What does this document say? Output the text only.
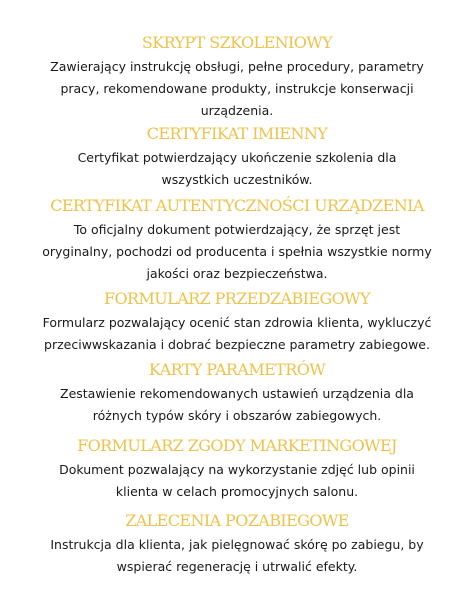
SKRYPT SZKOLENIOWY
Zawierający instrukcję obsługi, pełne procedury, parametry pracy, rekomendowane produkty, instrukcje konserwacji urządzenia.
CERTYFIKAT IMIENNY
Certyfikat potwierdzający ukończenie szkolenia dla wszystkich uczestników.
CERTYFIKAT AUTENTYCZNOŚCI URZĄDZENIA
To oficjalny dokument potwierdzający, że sprzęt jest oryginalny, pochodzi od producenta i spełnia wszystkie normy jakości oraz bezpieczeństwa.
FORMULARZ PRZEDZABIEGOWY
Formularz pozwalający ocenić stan zdrowia klienta, wykluczyć przeciwwskazania i dobrać bezpieczne parametry zabiegowe.
KARTY PARAMETRÓW
Zestawienie rekomendowanych ustawień urządzenia dla różnych typów skóry i obszarów zabiegowych.
FORMULARZ ZGODY MARKETINGOWEJ
Dokument pozwalający na wykorzystanie zdjęć lub opinii klienta w celach promocyjnych salonu.
ZALECENIA POZABIEGOWE
Instrukcja dla klienta, jak pielęgnować skórę po zabiegu, by wspierać regenerację i utrwalić efekty.
